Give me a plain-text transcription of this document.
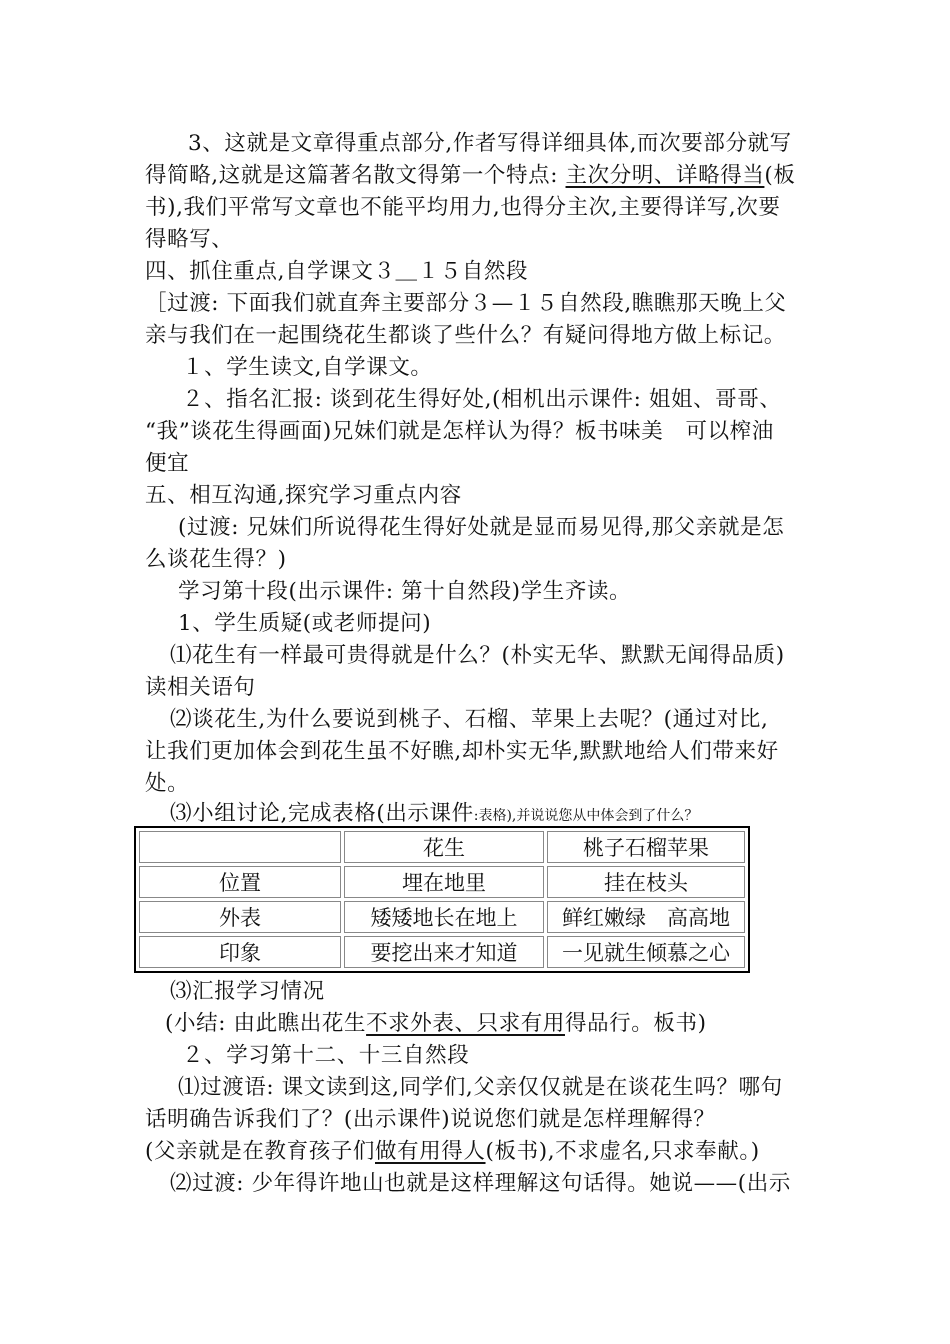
3、这就是文章得重点部分,作者写得详细具体,而次要部分就写
得简略,这就是这篇著名散文得第一个特点: 主次分明、详略得当(板
书),我们平常写文章也不能平均用力,也得分主次,主要得详写,次要
得略写、
四、抓住重点,自学课文３＿１５自然段
［过渡: 下面我们就直奔主要部分３—１５自然段,瞧瞧那天晚上父
亲与我们在一起围绕花生都谈了些什么？有疑问得地方做上标记。
１、学生读文,自学课文。
２、指名汇报: 谈到花生得好处,(相机出示课件: 姐姐、哥哥、
“我”谈花生得画面)兄妹们就是怎样认为得？板书味美　可以榨油
便宜
五、相互沟通,探究学习重点内容
(过渡: 兄妹们所说得花生得好处就是显而易见得,那父亲就是怎
么谈花生得？)
学习第十段(出示课件: 第十自然段)学生齐读。
1、学生质疑(或老师提问)
⑴花生有一样最可贵得就是什么？(朴实无华、默默无闻得品质)
读相关语句
⑵谈花生,为什么要说到桃子、石榴、苹果上去呢？(通过对比,
让我们更加体会到花生虽不好瞧,却朴实无华,默默地给人们带来好
处。
⑶小组讨论,完成表格(出示课件:表格),并说说您从中体会到了什么？
	花生	桃子石榴苹果
位置	埋在地里	挂在枝头
外表	矮矮地长在地上	鲜红嫩绿　高高地
印象	要挖出来才知道	一见就生倾慕之心
⑶汇报学习情况
(小结: 由此瞧出花生不求外表、只求有用得品行。板书)
２、学习第十二、十三自然段
⑴过渡语: 课文读到这,同学们,父亲仅仅就是在谈花生吗？哪句
话明确告诉我们了？(出示课件)说说您们就是怎样理解得？
(父亲就是在教育孩子们做有用得人(板书),不求虚名,只求奉献。)
⑵过渡: 少年得许地山也就是这样理解这句话得。她说——(出示
